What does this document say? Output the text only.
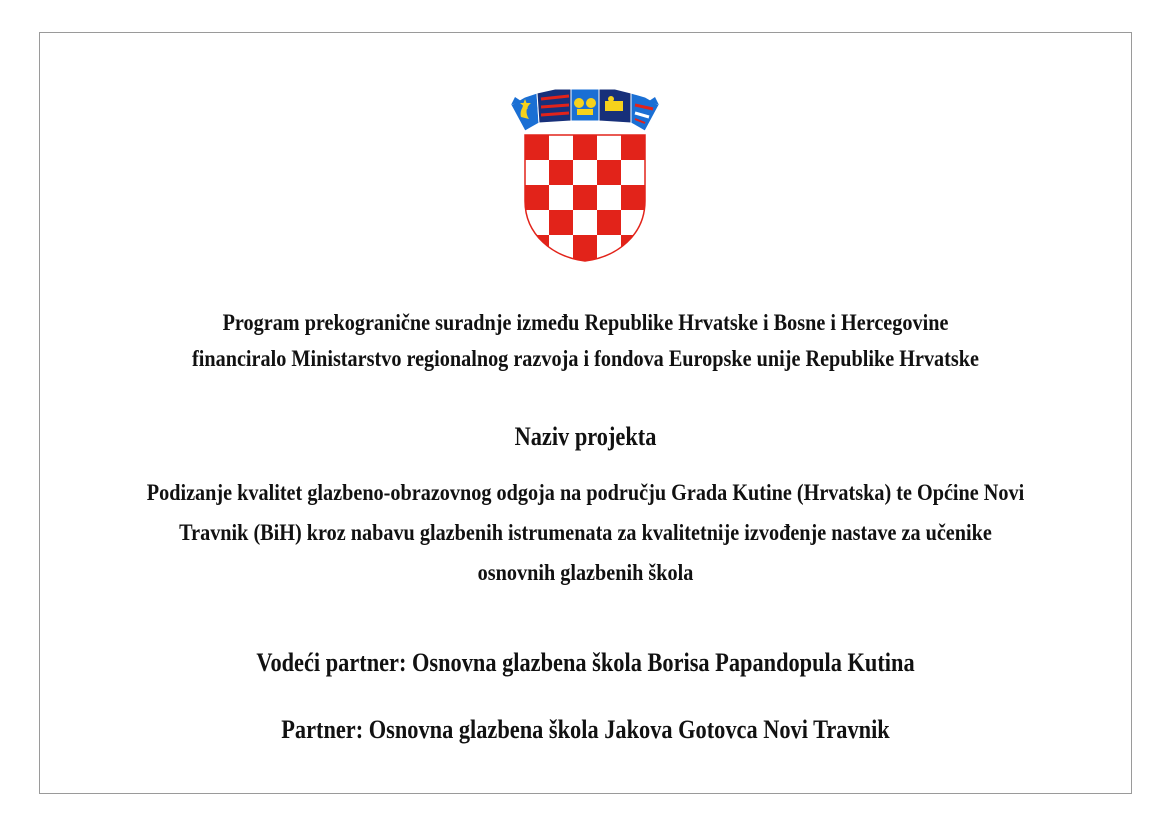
Program prekogranične suradnje između Republike Hrvatske i Bosne i Hercegovine
financiralo Ministarstvo regionalnog razvoja i fondova Europske unije Republike Hrvatske
Naziv projekta
Podizanje kvalitet glazbeno-obrazovnog odgoja na području Grada Kutine (Hrvatska) te Općine Novi
Travnik (BiH) kroz nabavu glazbenih istrumenata za kvalitetnije izvođenje nastave za učenike
osnovnih glazbenih škola
Vodeći partner: Osnovna glazbena škola Borisa Papandopula Kutina
Partner: Osnovna glazbena škola Jakova Gotovca Novi Travnik
